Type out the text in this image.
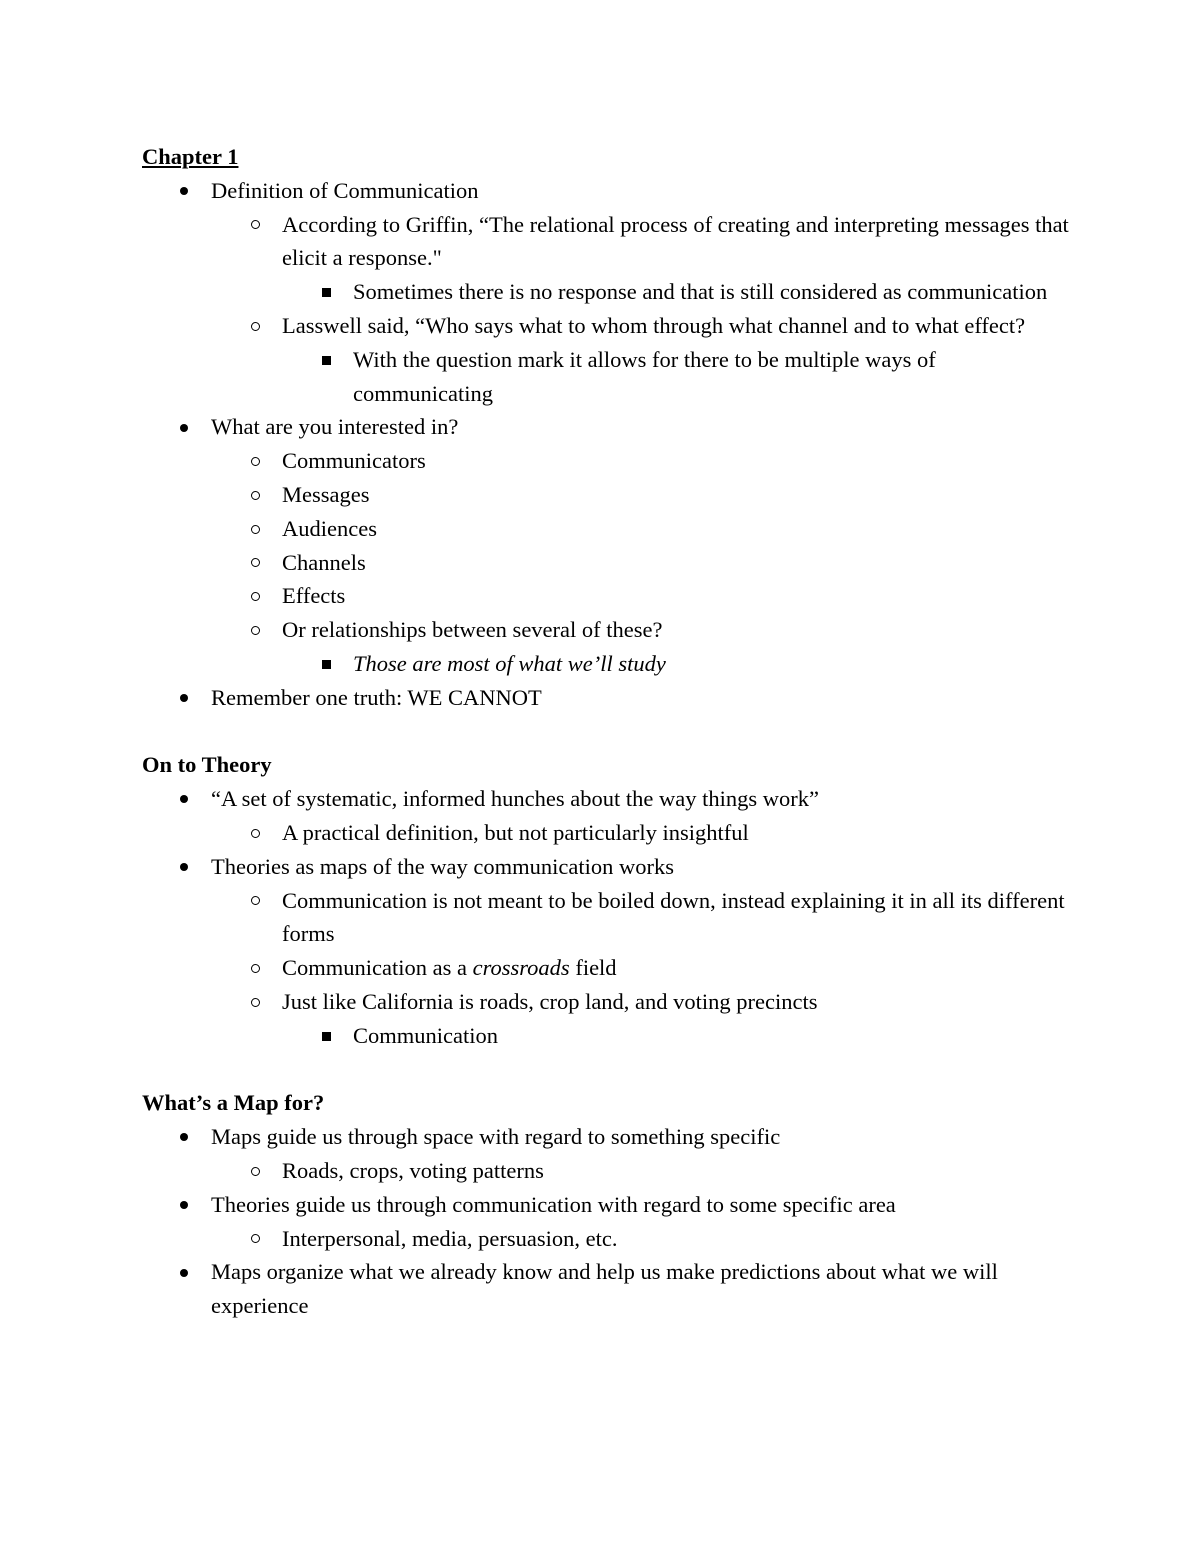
Chapter 1

Definition of Communication
According to Griffin, “The relational process of creating and interpreting messages that elicit a response."
Sometimes there is no response and that is still considered as communication
Lasswell said, “Who says what to whom through what channel and to what effect?
With the question mark it allows for there to be multiple ways of communicating
What are you interested in?
Communicators
Messages
Audiences
Channels
Effects
Or relationships between several of these?
Those are most of what we’ll study
Remember one truth: WE CANNOT

On to Theory

“A set of systematic, informed hunches about the way things work”
A practical definition, but not particularly insightful
Theories as maps of the way communication works
Communication is not meant to be boiled down, instead explaining it in all its different forms
Communication as a crossroads field
Just like California is roads, crop land, and voting precincts
Communication

What’s a Map for?

Maps guide us through space with regard to something specific
Roads, crops, voting patterns
Theories guide us through communication with regard to some specific area
Interpersonal, media, persuasion, etc.
Maps organize what we already know and help us make predictions about what we will experience
